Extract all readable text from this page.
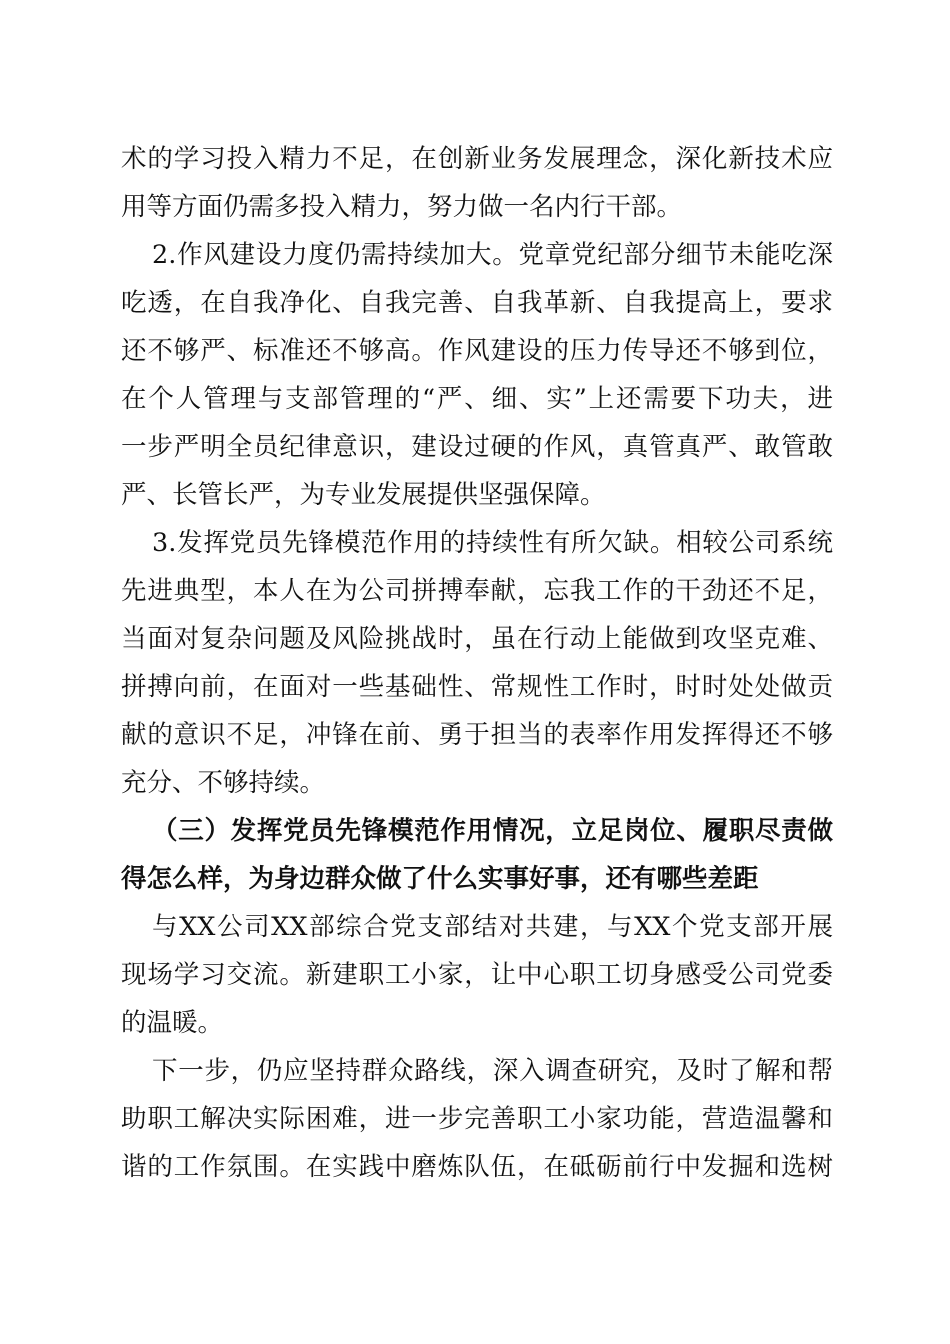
术的学习投入精力不足，在创新业务发展理念，深化新技术应
用等方面仍需多投入精力，努力做一名内行干部。
2.作风建设力度仍需持续加大。党章党纪部分细节未能吃深
吃透，在自我净化、自我完善、自我革新、自我提高上，要求
还不够严、标准还不够高。作风建设的压力传导还不够到位，
在个人管理与支部管理的“严、细、实”上还需要下功夫，进
一步严明全员纪律意识，建设过硬的作风，真管真严、敢管敢
严、长管长严，为专业发展提供坚强保障。
3.发挥党员先锋模范作用的持续性有所欠缺。相较公司系统
先进典型，本人在为公司拼搏奉献，忘我工作的干劲还不足，
当面对复杂问题及风险挑战时，虽在行动上能做到攻坚克难、
拼搏向前，在面对一些基础性、常规性工作时，时时处处做贡
献的意识不足，冲锋在前、勇于担当的表率作用发挥得还不够
充分、不够持续。
（三）发挥党员先锋模范作用情况，立足岗位、履职尽责做
得怎么样，为身边群众做了什么实事好事，还有哪些差距
与XX公司XX部综合党支部结对共建，与XX个党支部开展
现场学习交流。新建职工小家，让中心职工切身感受公司党委
的温暖。
下一步，仍应坚持群众路线，深入调查研究，及时了解和帮
助职工解决实际困难，进一步完善职工小家功能，营造温馨和
谐的工作氛围。在实践中磨炼队伍，在砥砺前行中发掘和选树
